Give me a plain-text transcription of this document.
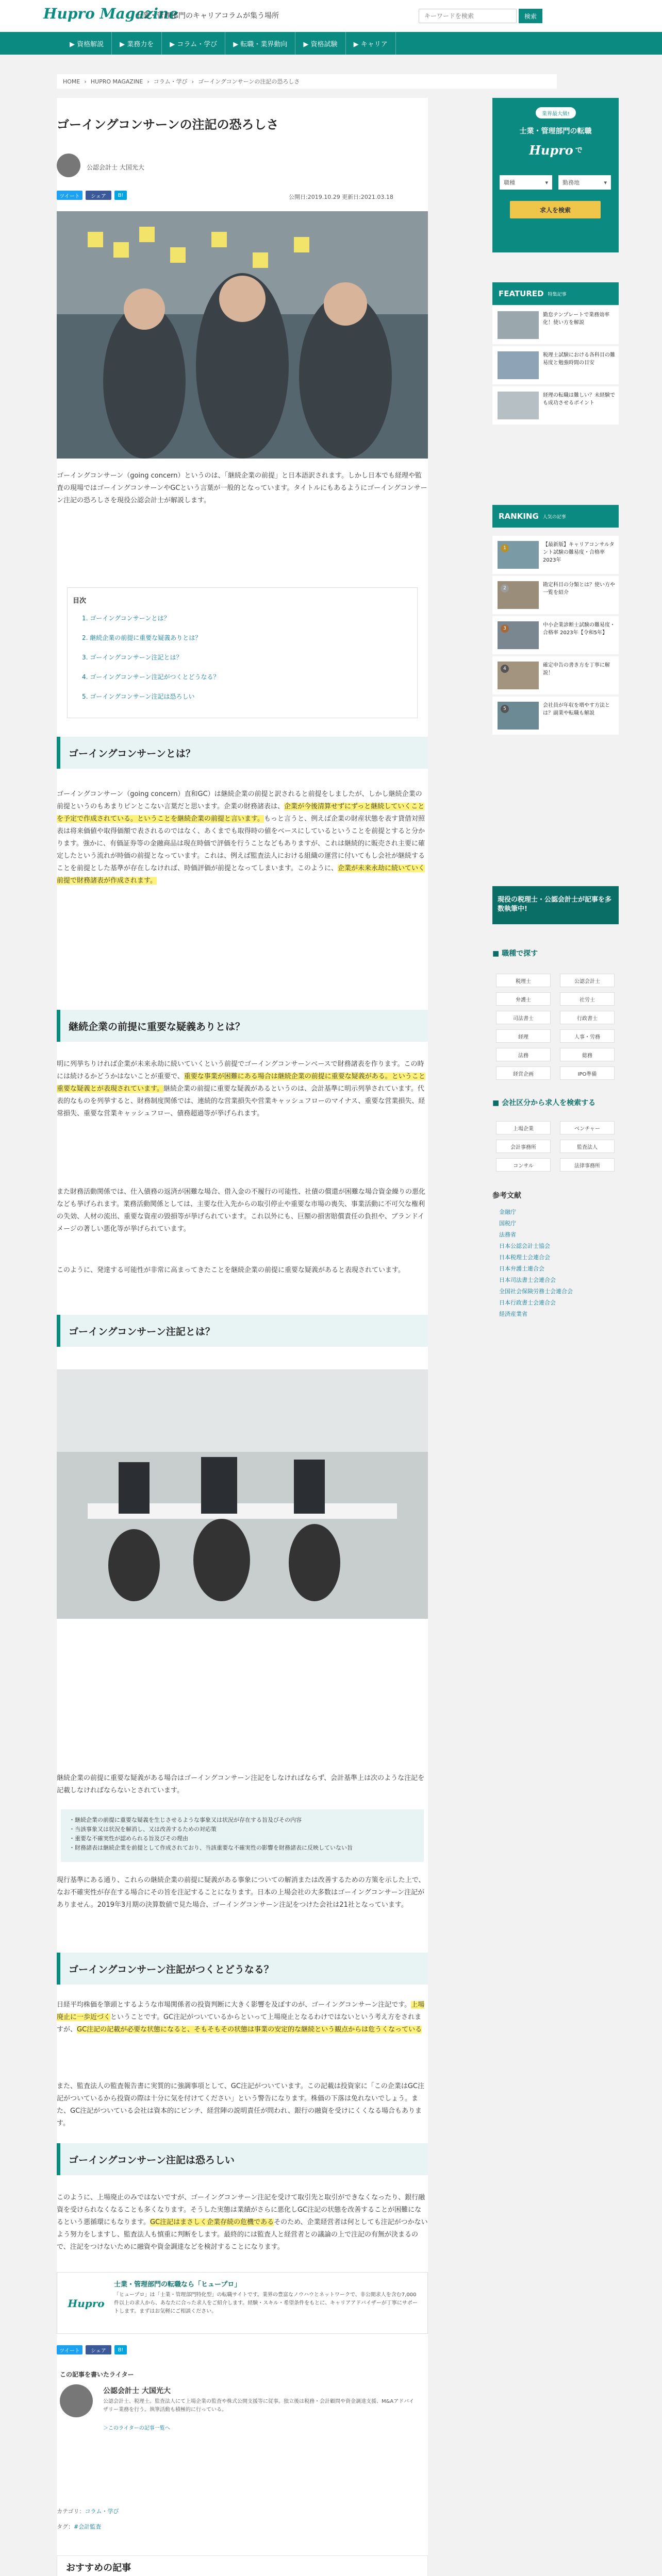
Hupro Magazine
士業・管理部門のキャリアコラムが集う場所
キーワードを検索	検索
▶ 資格解説	▶ 業務力を	▶ コラム・学び	▶ 転職・業界動向	▶ 資格試験	▶ キャリア
HOME › HUPRO MAGAZINE › コラム・学び › ゴーイングコンサーンの注記の恐ろしさ
ゴーイングコンサーンの注記の恐ろしさ
公認会計士 大国光大
ツイート	シェア	B!	公開日:2019.10.29 更新日:2021.03.18

ゴーイングコンサーン（going concern）というのは、「継続企業の前提」と日本語訳されます。しかし日本でも経理や監査の現場ではゴーイングコンサーンやGCという言葉が一般的となっています。タイトルにもあるようにゴーイングコンサーン注記の恐ろしさを現役公認会計士が解説します。

目次
1. ゴーイングコンサーンとは？
2. 継続企業の前提に重要な疑義ありとは？
3. ゴーイングコンサーン注記とは？
4. ゴーイングコンサーン注記がつくとどうなる？
5. ゴーイングコンサーン注記は恐ろしい
ゴーイングコンサーンとは？

ゴーイングコンサーン（going concern）直和GC）は継続企業の前提と訳されると前提をしましたが、しかし継続企業の前提というのもあまりピンとこない言葉だと思います。企業の財務諸表は、企業が今後清算せずにずっと継続していくことを予定で作成されている。ということを継続企業の前提と言います。もっと言うと、例えば企業の財産状態を表す貸借対照表は将来価値や取得価額で表されるのではなく、あくまでも取得時の値をベースにしているということを前提とすると分かります。強かに、有価証券等の金融商品は現在時価で評価を行うことなどもありますが、これは継続的に販売され主要に確定したという流れが時価の前提となっています。これは、例えば監査法人における組織の運営に付いてもし会社が継続することを前提とした基準が存在しなければ、時価評価が前提となってしまいます。このように、企業が未来永劫に続いていく前提で財務諸表が作成されます。

継続企業の前提に重要な疑義ありとは？

明に列挙ちりければ企業が未来永劫に続いていくという前提でゴーイングコンサーンベースで財務諸表を作ります。この時には続けるかどうかはないことが重要で、重要な事業が困難にある場合は継続企業の前提に重要な疑義がある。ということ重要な疑義とが表現されています。継続企業の前提に重要な疑義があるというのは、会計基準に明示列挙されています。代表的なものを列挙すると、財務制度関係では、連続的な営業損失や営業キャッシュフローのマイナス、重要な営業損失、経常損失、重要な営業キャッシュフロー、債務超過等が挙げられます。

また財務活動関係では、仕入債務の返済が困難な場合、借入金の不履行の可能性、社債の償還が困難な場合資金繰りの悪化なども挙げられます。業務活動関係としては、主要な仕入先からの取引停止や重要な市場の喪失、事業活動に不可欠な権利の失効、人材の流出、重要な資産の毀損等が挙げられています。これ以外にも、巨額の損害賠償責任の負担や、ブランドイメージの著しい悪化等が挙げられています。

このように、発達する可能性が非常に高まってきたことを継続企業の前提に重要な疑義があると表現されています。

ゴーイングコンサーン注記とは？

継続企業の前提に重要な疑義がある場合はゴーイングコンサーン注記をしなければならず、会計基準上は次のような注記を記載しなければならないとされています。

・継続企業の前提に重要な疑義を生じさせるような事象又は状況が存在する旨及びその内容
・当該事象又は状況を解消し、又は改善するための対応策
・重要な不確実性が認められる旨及びその理由
・財務諸表は継続企業を前提として作成されており、当該重要な不確実性の影響を財務諸表に反映していない旨

現行基準にある通り、これらの継続企業の前提に疑義がある事象についての解消または改善するための方策を示した上で、なお不確実性が存在する場合にその旨を注記することになります。日本の上場会社の大多数はゴーイングコンサーン注記がありません。2019年3月期の決算数値で見た場合、ゴーイングコンサーン注記をつけた会社は21社となっています。

ゴーイングコンサーン注記がつくとどうなる？

日経平均株価を筆頭とするような市場関係者の投資判断に大きく影響を及ぼすのが、ゴーイングコンサーン注記です。上場廃止に一歩近づくということです。GC注記がついているからといって上場廃止となるわけではないという考え方をされますが、GC注記の記載が必要な状態になると、そもそもその状態は事業の安定的な継続という観点からは危うくなっている

また、監査法人の監査報告書に実質的に強調事項として、GC注記がついています。この記載は投資家に「この企業はGC注記がついているから投資の際は十分に気を付けてください」という警告になります。株価の下落は免れないでしょう。また、GC注記がついている会社は資本的にピンチ、経営陣の説明責任が問われ、銀行の融資を受けにくくなる場合もあります。

ゴーイングコンサーン注記は恐ろしい

このように、上場廃止のみではないですが、ゴーイングコンサーン注記を受けて取引先と取引ができなくなったり、銀行融資を受けられなくなることも多くなります。そうした実態は業績がさらに悪化しGC注記の状態を改善することが困難になるという悪循環にもなります。GC注記はまさしく企業存続の危機であるそのため、企業経営者は何としても注記がつかないよう努力をしますし、監査法人も慎重に判断をします。最終的には監査人と経営者との議論の上で注記の有無が決まるので、注記をつけないために融資や資金調達などを検討することになります。

Hupro
士業・管理部門の転職なら「ヒュープロ」
「ヒュープロ」は「士業・管理部門特化型」の転職サイトです。業界の豊富なノウハウとネットワークで、非公開求人を含む7,000件以上の求人から、あなたに合った求人をご紹介します。経験・スキル・希望条件をもとに、キャリアアドバイザーが丁寧にサポートします。まずはお気軽にご相談ください。
ツイート	シェア	B!
この記事を書いたライター
公認会計士 大国光大
公認会計士、税理士。監査法人にて上場企業の監査や株式公開支援等に従事。独立後は税務・会計顧問や資金調達支援、M&Aアドバイザリー業務を行う。執筆活動も積極的に行っている。
＞このライターの記事一覧へ
カテゴリ：コラム・学び
タグ：#会計監査
おすすめの記事
業界最大級!
士業・管理部門の転職
Hupro で
職種	▾	勤務地	▾
求人を検索
FEATURED 特集記事
勤怠テンプレートで業務効率化！使い方を解説
税理士試験における各科目の難易度と勉強時間の目安
経理の転職は難しい？未経験でも成功させるポイント
RANKING 人気の記事
1
【最新版】キャリアコンサルタント試験の難易度・合格率 2023年
2
勘定科目の分類とは？使い方や一覧を紹介
3
中小企業診断士試験の難易度・合格率 2023年【令和5年】
4
確定申告の書き方を丁寧に解説！
5
会社員が年収を増やす方法とは？副業や転職も解説
現役の税理士・公認会計士が記事を多数執筆中!
■ 職種で探す
税理士	公認会計士
弁護士	社労士
司法書士	行政書士
経理	人事・労務
法務	総務
経営企画	IPO準備
■ 会社区分から求人を検索する
上場企業	ベンチャー
会計事務所	監査法人
コンサル	法律事務所
参考文献
金融庁
国税庁
法務省
日本公認会計士協会
日本税理士会連合会
日本弁護士連合会
日本司法書士会連合会
全国社会保険労務士会連合会
日本行政書士会連合会
経済産業省
